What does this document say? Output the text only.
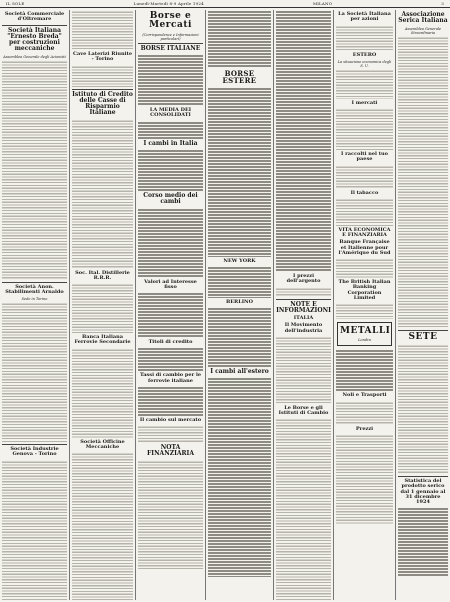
IL SOLE	Lunedì-Martedì 8-9 Aprile 1924	MILANO	3
Società Commerciale d'Oltremare
Società Italiana "Ernesto Breda" per costruzioni meccaniche
Assemblea Generale degli Azionisti
Società Anon. Stabilimenti Arnaldo
Sede in Torino
Società Industrie Genova - Torino
Cave Laterizi Riunite - Torino
Istituto di Credito delle Casse di Risparmio Italiane
Soc. Ital. Distillerie R.R.R.
Banca Italiana Ferrovie Secondarie
Società Officine Meccaniche
Borse e Mercati
(Corrispondenze e Informazioni particolari)
BORSE ITALIANE
LA MEDIA DEI CONSOLIDATI
I cambi in Italia
Corso medio dei cambi
Valori ad Interesse fisso
Titoli di credito
Tassi di cambio per le ferrovie italiane
Il cambio sul mercato
NOTA FINANZIARIA
BORSE ESTERE
NEW YORK
BERLINO
I cambi all'estero
I prezzi dell'argento
NOTE E INFORMAZIONI
ITALIA
Il Movimento dell'industria
Le Borse e gli Istituti di Cambio
La Società Italiana per azioni
ESTERO
La situazione economica degli S. U.
I mercati
I raccolti nel tuo paese
Il tabacco
VITA ECONOMICA E FINANZIARIA
Banque Française et Italienne pour l'Amérique du Sud
The British Italian Banking Corporation Limited
METALLI
Londra
Noli e Trasporti
Prezzi
Associazione Serica Italiana
Assemblea Generale Straordinaria
SETE
Statistica del prodotto serico dal 1 gennaio al 31 dicembre 1924
